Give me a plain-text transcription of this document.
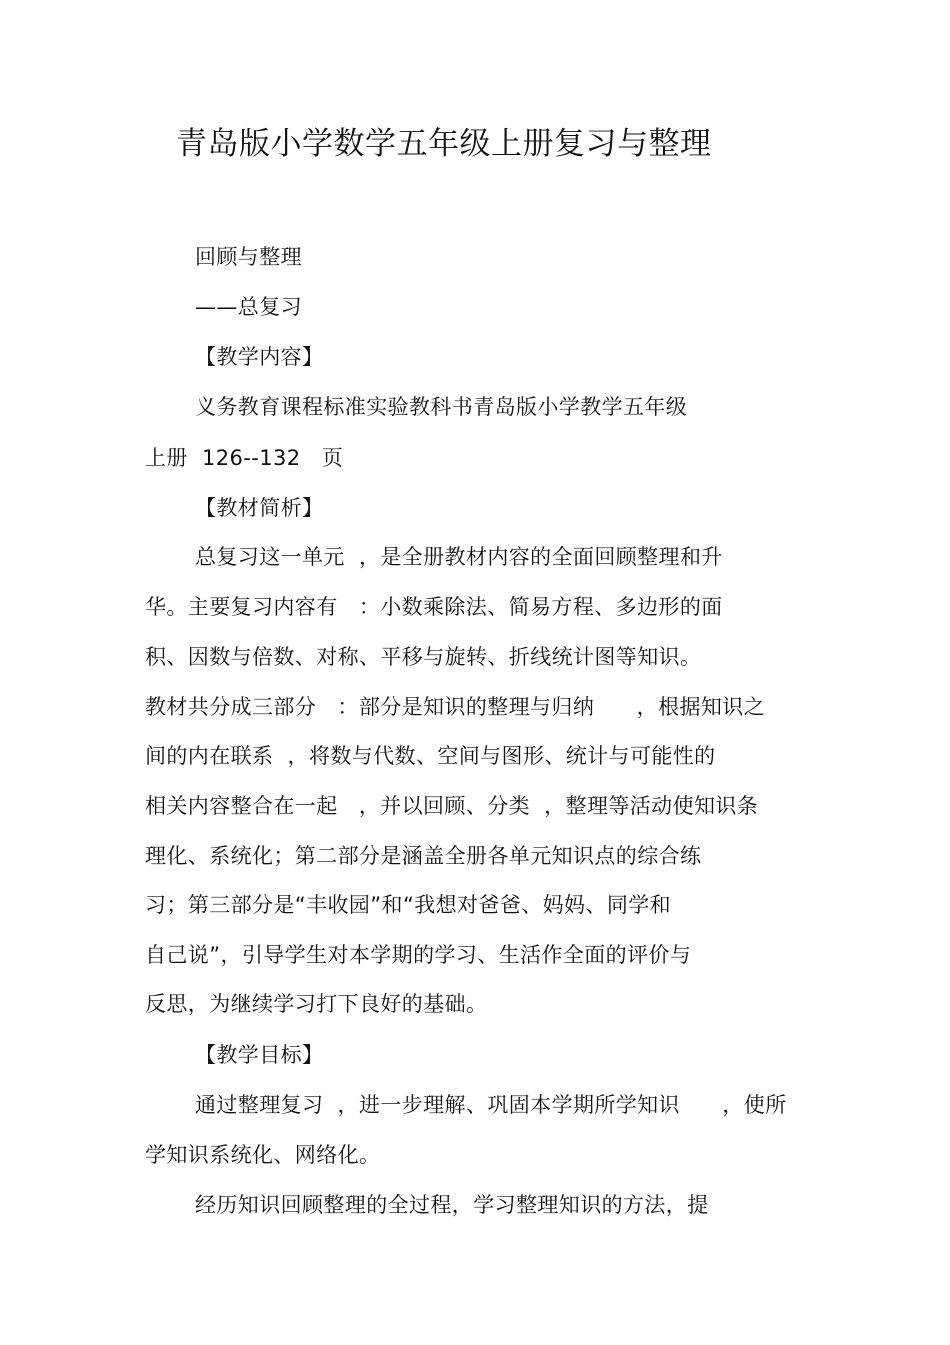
青岛版小学数学五年级上册复习与整理
回顾与整理
——总复习
【教学内容】
义务教育课程标准实验教科书青岛版小学教学五年级
上册  126--132   页
【教材简析】
总复习这一单元  ，是全册教材内容的全面回顾整理和升
华。主要复习内容有   ：小数乘除法、简易方程、多边形的面
积、因数与倍数、对称、平移与旋转、折线统计图等知识。
教材共分成三部分   ：部分是知识的整理与归纳      ，根据知识之
间的内在联系  ，将数与代数、空间与图形、统计与可能性的
相关内容整合在一起   ，并以回顾、分类  ，整理等活动使知识条
理化、系统化；第二部分是涵盖全册各单元知识点的综合练
习；第三部分是“丰收园”和“我想对爸爸、妈妈、同学和
自己说”，引导学生对本学期的学习、生活作全面的评价与
反思，为继续学习打下良好的基础。
【教学目标】
通过整理复习  ，进一步理解、巩固本学期所学知识      ，使所
学知识系统化、网络化。
经历知识回顾整理的全过程，学习整理知识的方法，提
